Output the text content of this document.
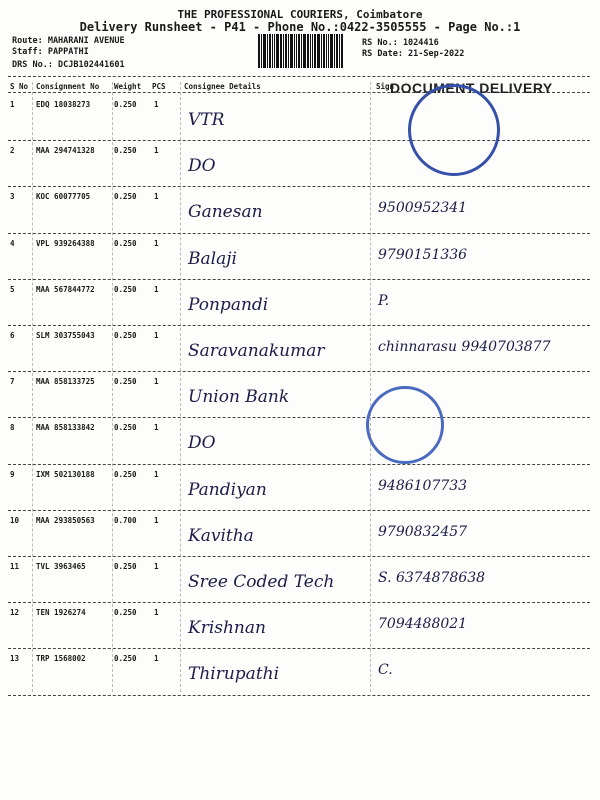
THE PROFESSIONAL COURIERS, Coimbatore
Delivery Runsheet - P41 - Phone No.:0422-3505555 - Page No.:1
Route: MAHARANI AVENUE
Staff: PAPPATHI
DRS No.: DCJB102441601
RS No.: 1024416
RS Date: 21-Sep-2022
S No Consignment No Weight PCS Consignee Details	Sign
1	EDQ 18038273	0.250 1
VTR
2	MAA 294741328	0.250 1
DO
3	KOC 60077705	0.250 1
Ganesan	9500952341
4	VPL 939264388	0.250 1
Balaji	9790151336
5	MAA 567844772	0.250 1
Ponpandi	P.
6	SLM 303755043	0.250 1
Saravanakumar	chinnarasu 9940703877
7	MAA 858133725	0.250 1
Union Bank
8	MAA 858133842	0.250 1
DO
9	IXM 502130188	0.250 1
Pandiyan	9486107733
10 MAA 293850563	0.700 1
Kavitha	9790832457
11 TVL 3963465	0.250 1
Sree Coded Tech	S. 6374878638
12 TEN 1926274	0.250 1
Krishnan	7094488021
13 TRP 1568002	0.250 1
Thirupathi	C.
DOCUMENT DELIVERY
